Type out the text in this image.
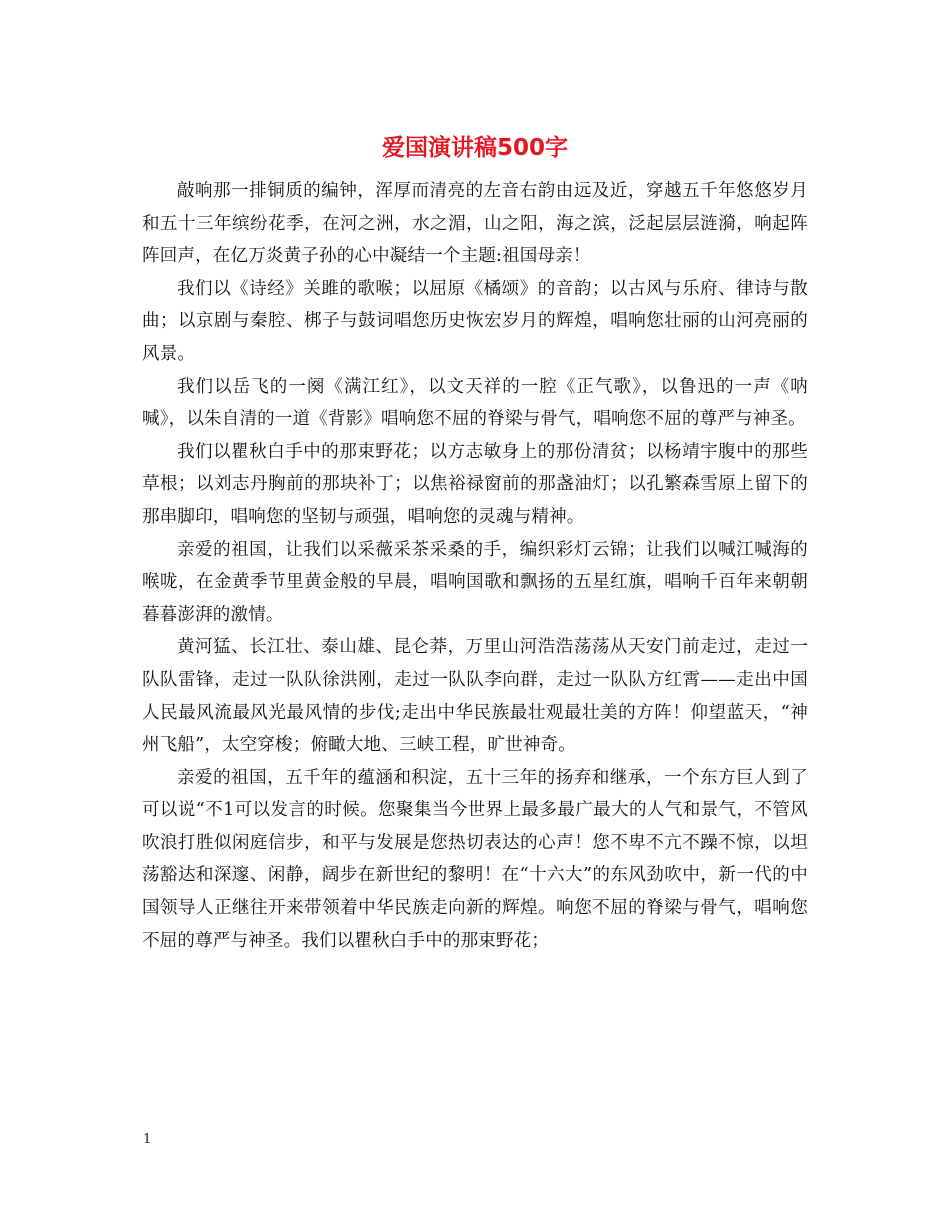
爱国演讲稿500字

敲响那一排铜质的编钟，浑厚而清亮的左音右韵由远及近，穿越五千年悠悠岁月和五十三年缤纷花季，在河之洲，水之湄，山之阳，海之滨，泛起层层涟漪，响起阵阵回声，在亿万炎黄子孙的心中凝结一个主题:祖国母亲！

我们以《诗经》关雎的歌喉；以屈原《橘颂》的音韵；以古风与乐府、律诗与散曲；以京剧与秦腔、梆子与鼓词唱您历史恢宏岁月的辉煌，唱响您壮丽的山河亮丽的风景。

我们以岳飞的一阕《满江红》，以文天祥的一腔《正气歌》，以鲁迅的一声《呐喊》，以朱自清的一道《背影》唱响您不屈的脊梁与骨气，唱响您不屈的尊严与神圣。

我们以瞿秋白手中的那束野花；以方志敏身上的那份清贫；以杨靖宇腹中的那些草根；以刘志丹胸前的那块补丁；以焦裕禄窗前的那盏油灯；以孔繁森雪原上留下的那串脚印，唱响您的坚韧与顽强，唱响您的灵魂与精神。

亲爱的祖国，让我们以采薇采茶采桑的手，编织彩灯云锦；让我们以喊江喊海的喉咙，在金黄季节里黄金般的早晨，唱响国歌和飘扬的五星红旗，唱响千百年来朝朝暮暮澎湃的激情。

黄河猛、长江壮、泰山雄、昆仑莽，万里山河浩浩荡荡从天安门前走过，走过一队队雷锋，走过一队队徐洪刚，走过一队队李向群，走过一队队方红霄——走出中国人民最风流最风光最风情的步伐;走出中华民族最壮观最壮美的方阵！仰望蓝天，“神州飞船”，太空穿梭；俯瞰大地、三峡工程，旷世神奇。

亲爱的祖国，五千年的蕴涵和积淀，五十三年的扬弃和继承，一个东方巨人到了可以说“不1可以发言的时候。您聚集当今世界上最多最广最大的人气和景气，不管风吹浪打胜似闲庭信步，和平与发展是您热切表达的心声！您不卑不亢不躁不惊，以坦荡豁达和深邃、闲静，阔步在新世纪的黎明！在“十六大”的东风劲吹中，新一代的中国领导人正继往开来带领着中华民族走向新的辉煌。响您不屈的脊梁与骨气，唱响您不屈的尊严与神圣。我们以瞿秋白手中的那束野花；

1
